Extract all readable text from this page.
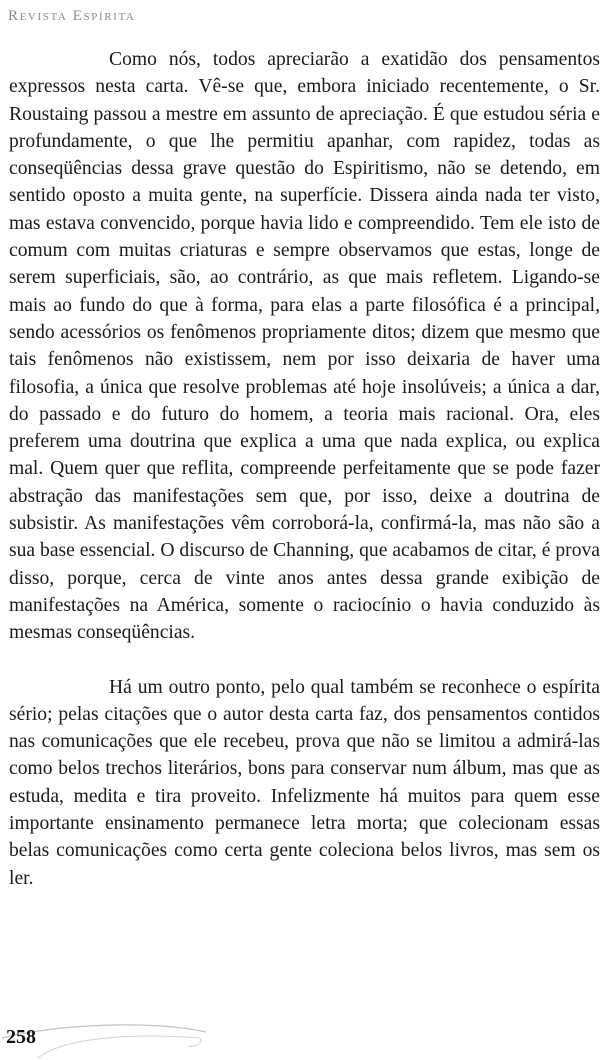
Revista Espírita

Como nós, todos apreciarão a exatidão dos pensamentos expressos nesta carta. Vê-se que, embora iniciado recentemente, o Sr. Roustaing passou a mestre em assunto de apreciação. É que estudou séria e profundamente, o que lhe permitiu apanhar, com rapidez, todas as conseqüências dessa grave questão do Espiritismo, não se detendo, em sentido oposto a muita gente, na superfície. Dissera ainda nada ter visto, mas estava convencido, porque havia lido e compreendido. Tem ele isto de comum com muitas criaturas e sempre observamos que estas, longe de serem superficiais, são, ao contrário, as que mais refletem. Ligando-se mais ao fundo do que à forma, para elas a parte filosófica é a principal, sendo acessórios os fenômenos propriamente ditos; dizem que mesmo que tais fenômenos não existissem, nem por isso deixaria de haver uma filosofia, a única que resolve problemas até hoje insolúveis; a única a dar, do passado e do futuro do homem, a teoria mais racional. Ora, eles preferem uma doutrina que explica a uma que nada explica, ou explica mal. Quem quer que reflita, compreende perfeitamente que se pode fazer abstração das manifestações sem que, por isso, deixe a doutrina de subsistir. As manifestações vêm corroborá-la, confirmá-la, mas não são a sua base essencial. O discurso de Channing, que acabamos de citar, é prova disso, porque, cerca de vinte anos antes dessa grande exibição de manifestações na América, somente o raciocínio o havia conduzido às mesmas conseqüências.

Há um outro ponto, pelo qual também se reconhece o espírita sério; pelas citações que o autor desta carta faz, dos pensamentos contidos nas comunicações que ele recebeu, prova que não se limitou a admirá-las como belos trechos literários, bons para conservar num álbum, mas que as estuda, medita e tira proveito. Infelizmente há muitos para quem esse importante ensinamento permanece letra morta; que colecionam essas belas comunicações como certa gente coleciona belos livros, mas sem os ler.

258
